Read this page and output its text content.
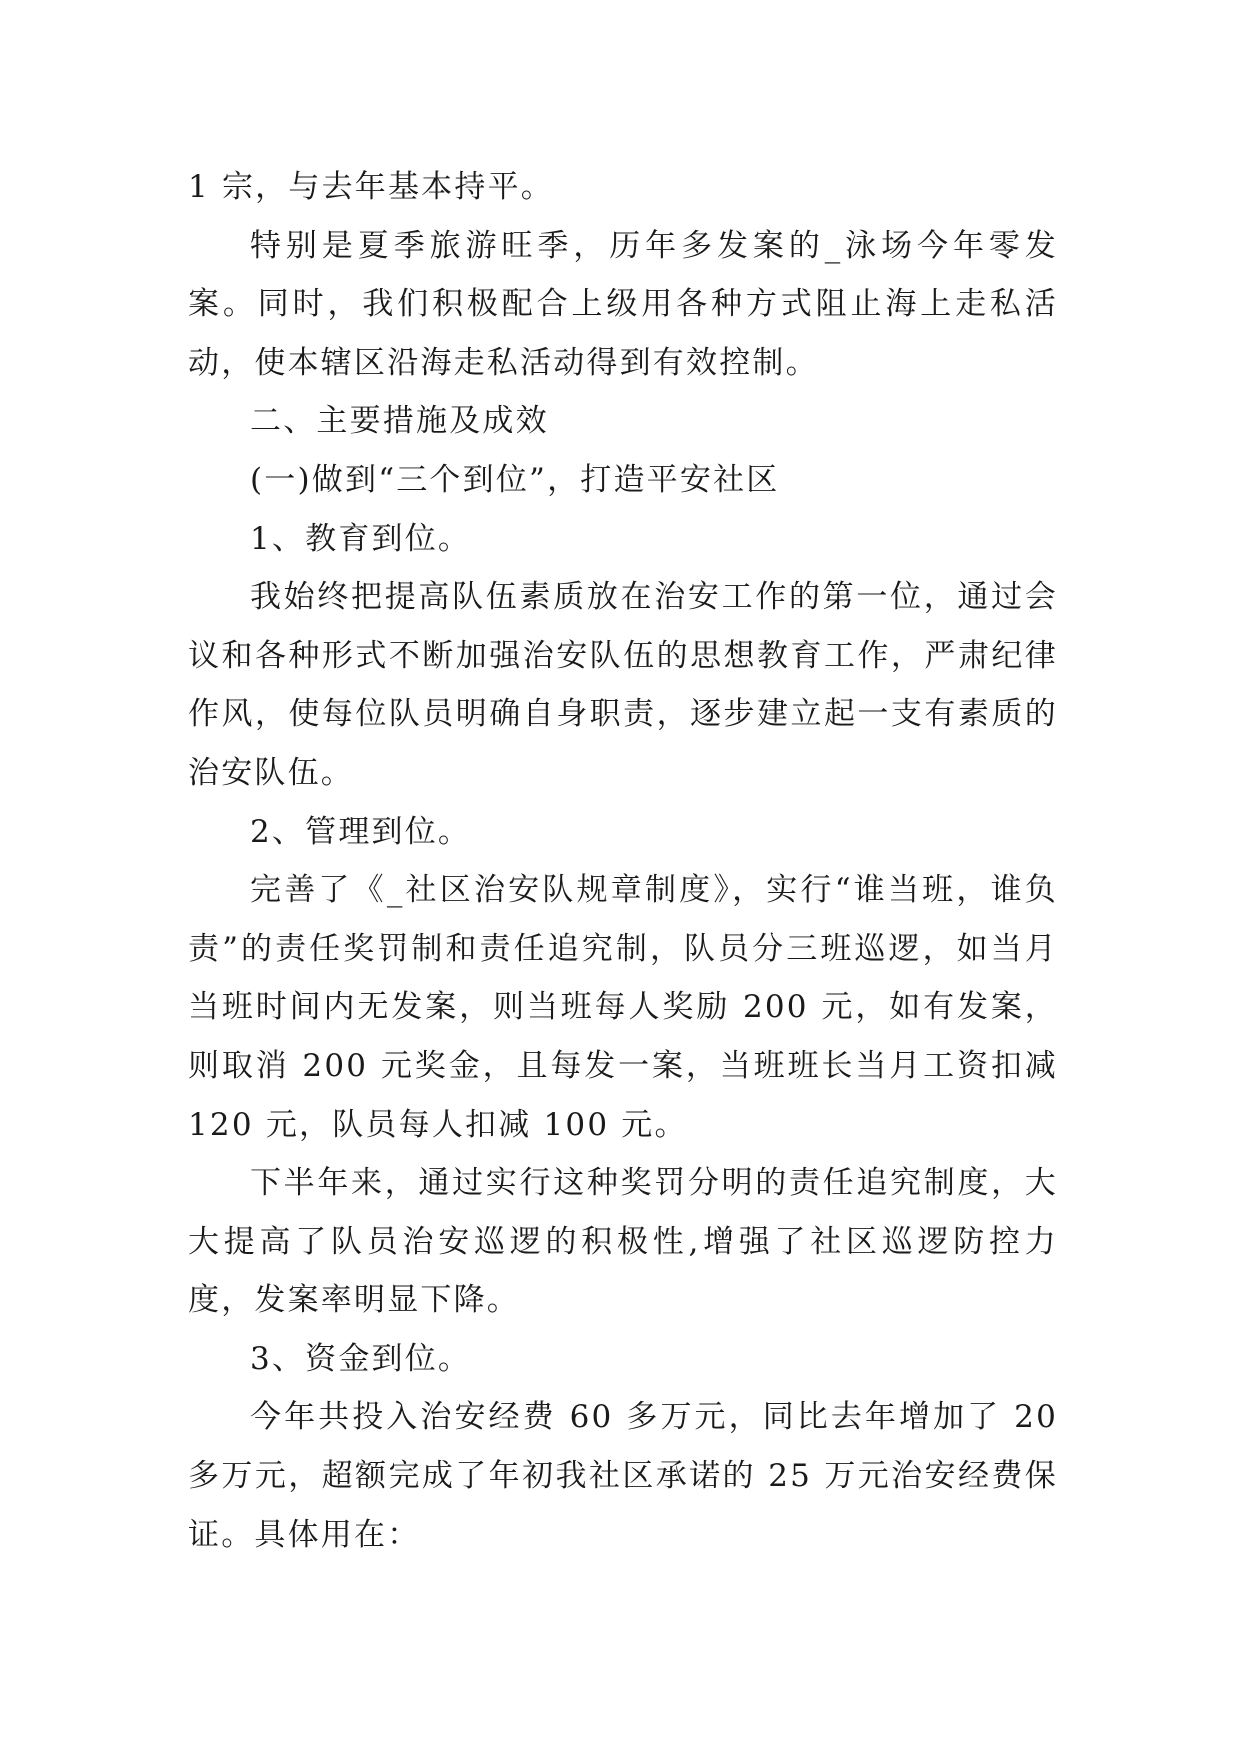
1 宗，与去年基本持平。

特别是夏季旅游旺季，历年多发案的_泳场今年零发案。同时，我们积极配合上级用各种方式阻止海上走私活动，使本辖区沿海走私活动得到有效控制。

二、主要措施及成效

(一)做到“三个到位”，打造平安社区

1、教育到位。

我始终把提高队伍素质放在治安工作的第一位，通过会议和各种形式不断加强治安队伍的思想教育工作，严肃纪律作风，使每位队员明确自身职责，逐步建立起一支有素质的治安队伍。

2、管理到位。

完善了《_社区治安队规章制度》，实行“谁当班，谁负责”的责任奖罚制和责任追究制，队员分三班巡逻，如当月当班时间内无发案，则当班每人奖励 200 元，如有发案，则取消 200 元奖金，且每发一案，当班班长当月工资扣减 120 元，队员每人扣减 100 元。

下半年来，通过实行这种奖罚分明的责任追究制度，大大提高了队员治安巡逻的积极性,增强了社区巡逻防控力度，发案率明显下降。

3、资金到位。

今年共投入治安经费 60 多万元，同比去年增加了 20 多万元，超额完成了年初我社区承诺的 25 万元治安经费保证。具体用在：
